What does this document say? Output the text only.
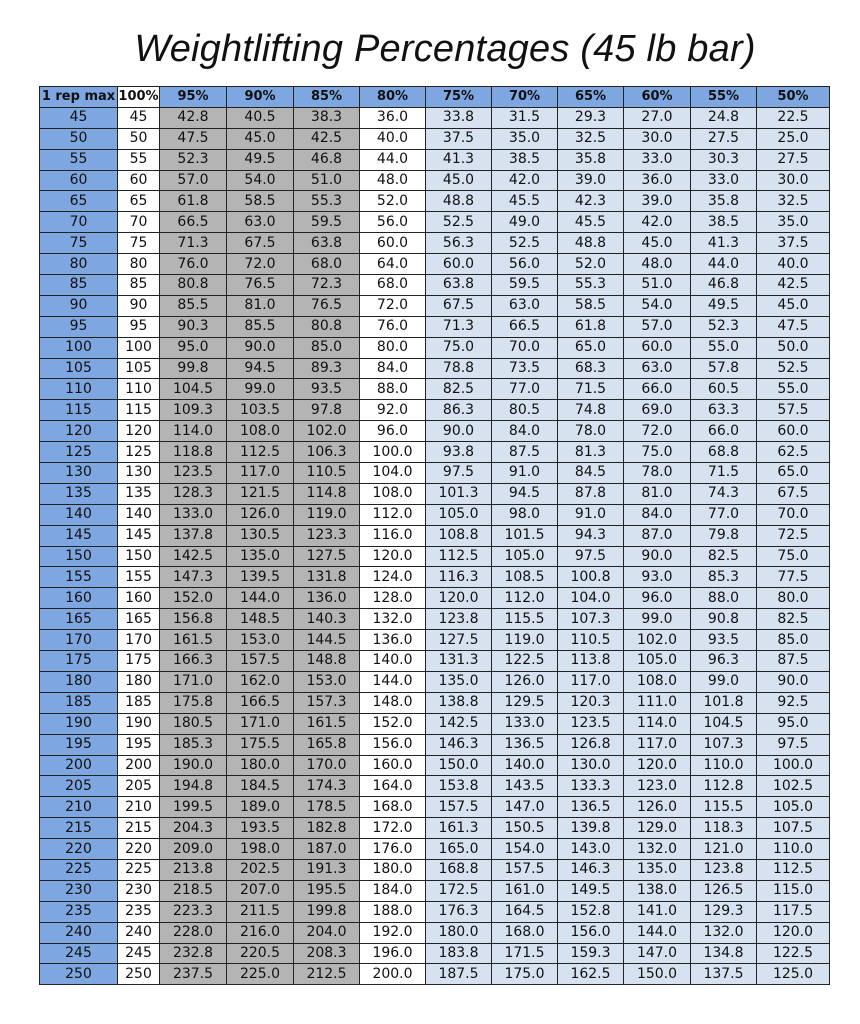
Weightlifting Percentages (45 lb bar)
1 rep max	100%	95%	90%	85%	80%	75%	70%	65%	60%	55%	50%
45	45	42.8	40.5	38.3	36.0	33.8	31.5	29.3	27.0	24.8	22.5
50	50	47.5	45.0	42.5	40.0	37.5	35.0	32.5	30.0	27.5	25.0
55	55	52.3	49.5	46.8	44.0	41.3	38.5	35.8	33.0	30.3	27.5
60	60	57.0	54.0	51.0	48.0	45.0	42.0	39.0	36.0	33.0	30.0
65	65	61.8	58.5	55.3	52.0	48.8	45.5	42.3	39.0	35.8	32.5
70	70	66.5	63.0	59.5	56.0	52.5	49.0	45.5	42.0	38.5	35.0
75	75	71.3	67.5	63.8	60.0	56.3	52.5	48.8	45.0	41.3	37.5
80	80	76.0	72.0	68.0	64.0	60.0	56.0	52.0	48.0	44.0	40.0
85	85	80.8	76.5	72.3	68.0	63.8	59.5	55.3	51.0	46.8	42.5
90	90	85.5	81.0	76.5	72.0	67.5	63.0	58.5	54.0	49.5	45.0
95	95	90.3	85.5	80.8	76.0	71.3	66.5	61.8	57.0	52.3	47.5
100	100	95.0	90.0	85.0	80.0	75.0	70.0	65.0	60.0	55.0	50.0
105	105	99.8	94.5	89.3	84.0	78.8	73.5	68.3	63.0	57.8	52.5
110	110	104.5	99.0	93.5	88.0	82.5	77.0	71.5	66.0	60.5	55.0
115	115	109.3	103.5	97.8	92.0	86.3	80.5	74.8	69.0	63.3	57.5
120	120	114.0	108.0	102.0	96.0	90.0	84.0	78.0	72.0	66.0	60.0
125	125	118.8	112.5	106.3	100.0	93.8	87.5	81.3	75.0	68.8	62.5
130	130	123.5	117.0	110.5	104.0	97.5	91.0	84.5	78.0	71.5	65.0
135	135	128.3	121.5	114.8	108.0	101.3	94.5	87.8	81.0	74.3	67.5
140	140	133.0	126.0	119.0	112.0	105.0	98.0	91.0	84.0	77.0	70.0
145	145	137.8	130.5	123.3	116.0	108.8	101.5	94.3	87.0	79.8	72.5
150	150	142.5	135.0	127.5	120.0	112.5	105.0	97.5	90.0	82.5	75.0
155	155	147.3	139.5	131.8	124.0	116.3	108.5	100.8	93.0	85.3	77.5
160	160	152.0	144.0	136.0	128.0	120.0	112.0	104.0	96.0	88.0	80.0
165	165	156.8	148.5	140.3	132.0	123.8	115.5	107.3	99.0	90.8	82.5
170	170	161.5	153.0	144.5	136.0	127.5	119.0	110.5	102.0	93.5	85.0
175	175	166.3	157.5	148.8	140.0	131.3	122.5	113.8	105.0	96.3	87.5
180	180	171.0	162.0	153.0	144.0	135.0	126.0	117.0	108.0	99.0	90.0
185	185	175.8	166.5	157.3	148.0	138.8	129.5	120.3	111.0	101.8	92.5
190	190	180.5	171.0	161.5	152.0	142.5	133.0	123.5	114.0	104.5	95.0
195	195	185.3	175.5	165.8	156.0	146.3	136.5	126.8	117.0	107.3	97.5
200	200	190.0	180.0	170.0	160.0	150.0	140.0	130.0	120.0	110.0	100.0
205	205	194.8	184.5	174.3	164.0	153.8	143.5	133.3	123.0	112.8	102.5
210	210	199.5	189.0	178.5	168.0	157.5	147.0	136.5	126.0	115.5	105.0
215	215	204.3	193.5	182.8	172.0	161.3	150.5	139.8	129.0	118.3	107.5
220	220	209.0	198.0	187.0	176.0	165.0	154.0	143.0	132.0	121.0	110.0
225	225	213.8	202.5	191.3	180.0	168.8	157.5	146.3	135.0	123.8	112.5
230	230	218.5	207.0	195.5	184.0	172.5	161.0	149.5	138.0	126.5	115.0
235	235	223.3	211.5	199.8	188.0	176.3	164.5	152.8	141.0	129.3	117.5
240	240	228.0	216.0	204.0	192.0	180.0	168.0	156.0	144.0	132.0	120.0
245	245	232.8	220.5	208.3	196.0	183.8	171.5	159.3	147.0	134.8	122.5
250	250	237.5	225.0	212.5	200.0	187.5	175.0	162.5	150.0	137.5	125.0
